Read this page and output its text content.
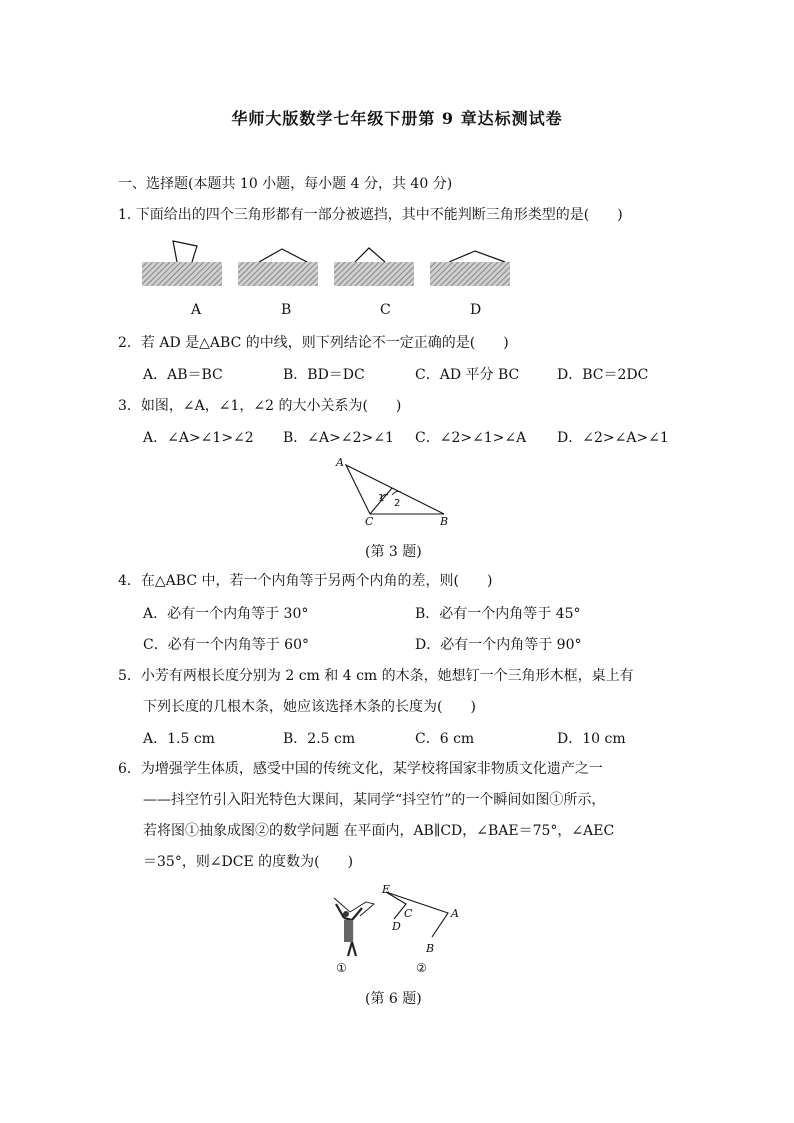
华师大版数学七年级下册第 9 章达标测试卷
一、选择题(本题共 10 小题，每小题 4 分，共 40 分)
1. 下面给出的四个三角形都有一部分被遮挡，其中不能判断三角形类型的是(　　)
A	B	C	D
2．若 AD 是△ABC 的中线，则下列结论不一定正确的是(　　)
A．AB＝BC	B．BD＝DC	C．AD 平分 BC	D．BC＝2DC
3．如图，∠A，∠1，∠2 的大小关系为(　　)
A．∠A>∠1>∠2 B．∠A>∠2>∠1 C．∠2>∠1>∠A D．∠2>∠A>∠1
A
C	B
1 2
(第 3 题)
4．在△ABC 中，若一个内角等于另两个内角的差，则(　　)
A．必有一个内角等于 30°	B．必有一个内角等于 45°
C．必有一个内角等于 60°	D．必有一个内角等于 90°
5．小芳有两根长度分别为 2 cm 和 4 cm 的木条，她想钉一个三角形木框，桌上有
下列长度的几根木条，她应该选择木条的长度为(　　)
A．1.5 cm	B．2.5 cm	C．6 cm	D．10 cm
6．为增强学生体质，感受中国的传统文化，某学校将国家非物质文化遗产之一
——抖空竹引入阳光特色大课间，某同学“抖空竹”的一个瞬间如图①所示，
若将图①抽象成图②的数学问题 在平面内，AB∥CD，∠BAE＝75°，∠AEC
＝35°，则∠DCE 的度数为(　　)
①
E
C
D
A
B
②
(第 6 题)
